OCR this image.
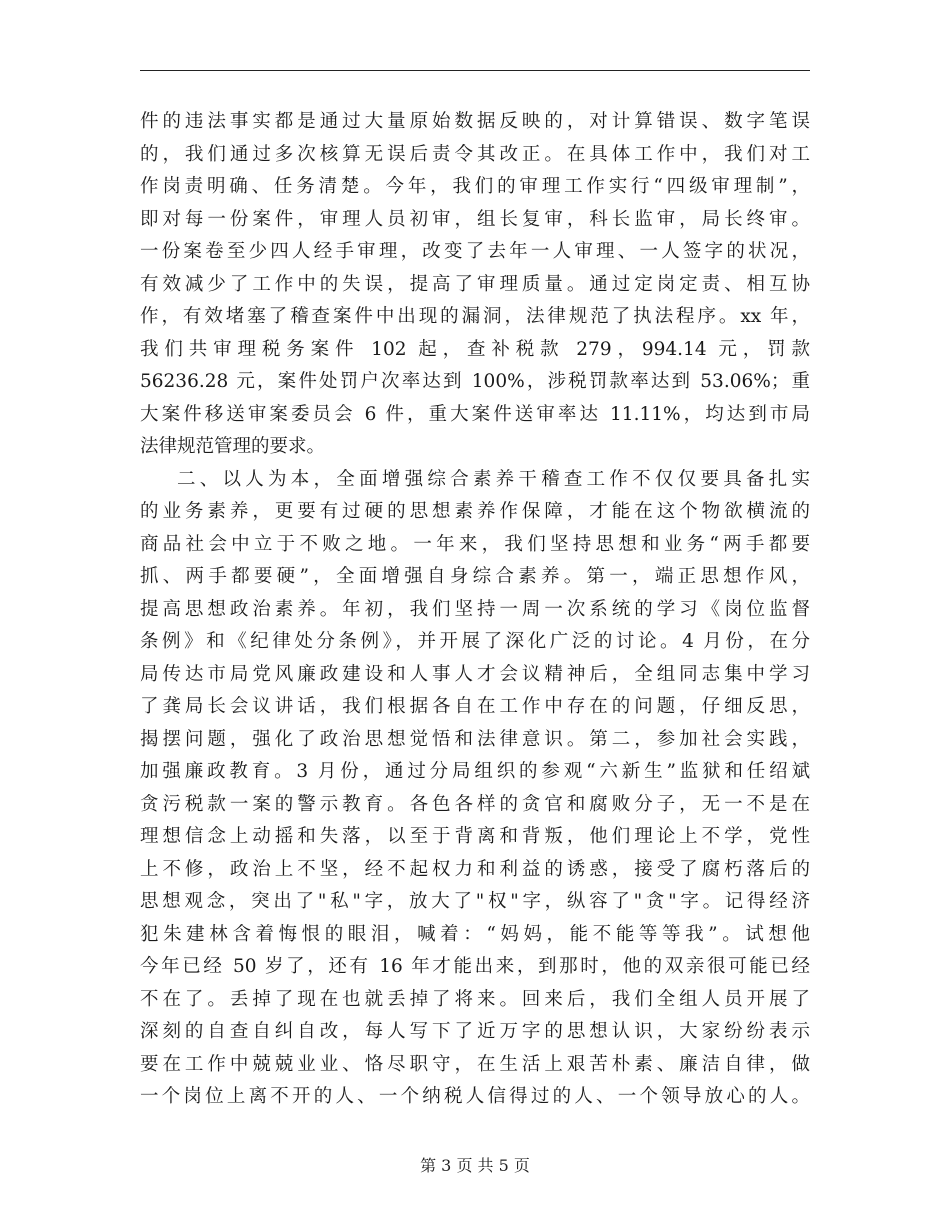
件的违法事实都是通过大量原始数据反映的，对计算错误、数字笔误
的，我们通过多次核算无误后责令其改正。在具体工作中，我们对工
作岗责明确、任务清楚。今年，我们的审理工作实行“四级审理制”，
即对每一份案件，审理人员初审，组长复审，科长监审，局长终审。
一份案卷至少四人经手审理，改变了去年一人审理、一人签字的状况，
有效减少了工作中的失误，提高了审理质量。通过定岗定责、相互协
作，有效堵塞了稽查案件中出现的漏洞，法律规范了执法程序。xx 年，
我们共审理税务案件 102 起，查补税款 279，994.14 元，罚款
56236.28 元，案件处罚户次率达到 100%，涉税罚款率达到 53.06%；重
大案件移送审案委员会 6 件，重大案件送审率达 11.11%，均达到市局
法律规范管理的要求。
二、以人为本，全面增强综合素养干稽查工作不仅仅要具备扎实
的业务素养，更要有过硬的思想素养作保障，才能在这个物欲横流的
商品社会中立于不败之地。一年来，我们坚持思想和业务“两手都要
抓、两手都要硬”，全面增强自身综合素养。第一，端正思想作风，
提高思想政治素养。年初，我们坚持一周一次系统的学习《岗位监督
条例》和《纪律处分条例》，并开展了深化广泛的讨论。4 月份，在分
局传达市局党风廉政建设和人事人才会议精神后，全组同志集中学习
了龚局长会议讲话，我们根据各自在工作中存在的问题，仔细反思，
揭摆问题，强化了政治思想觉悟和法律意识。第二，参加社会实践，
加强廉政教育。3 月份，通过分局组织的参观“六新生”监狱和任绍斌
贪污税款一案的警示教育。各色各样的贪官和腐败分子，无一不是在
理想信念上动摇和失落，以至于背离和背叛，他们理论上不学，党性
上不修，政治上不坚，经不起权力和利益的诱惑，接受了腐朽落后的
思想观念，突出了"私"字，放大了"权"字，纵容了"贪"字。记得经济
犯朱建林含着悔恨的眼泪，喊着：“妈妈，能不能等等我”。试想他
今年已经 50 岁了，还有 16 年才能出来，到那时，他的双亲很可能已经
不在了。丢掉了现在也就丢掉了将来。回来后，我们全组人员开展了
深刻的自查自纠自改，每人写下了近万字的思想认识，大家纷纷表示
要在工作中兢兢业业、恪尽职守，在生活上艰苦朴素、廉洁自律，做
一个岗位上离不开的人、一个纳税人信得过的人、一个领导放心的人。
第 3 页 共 5 页
